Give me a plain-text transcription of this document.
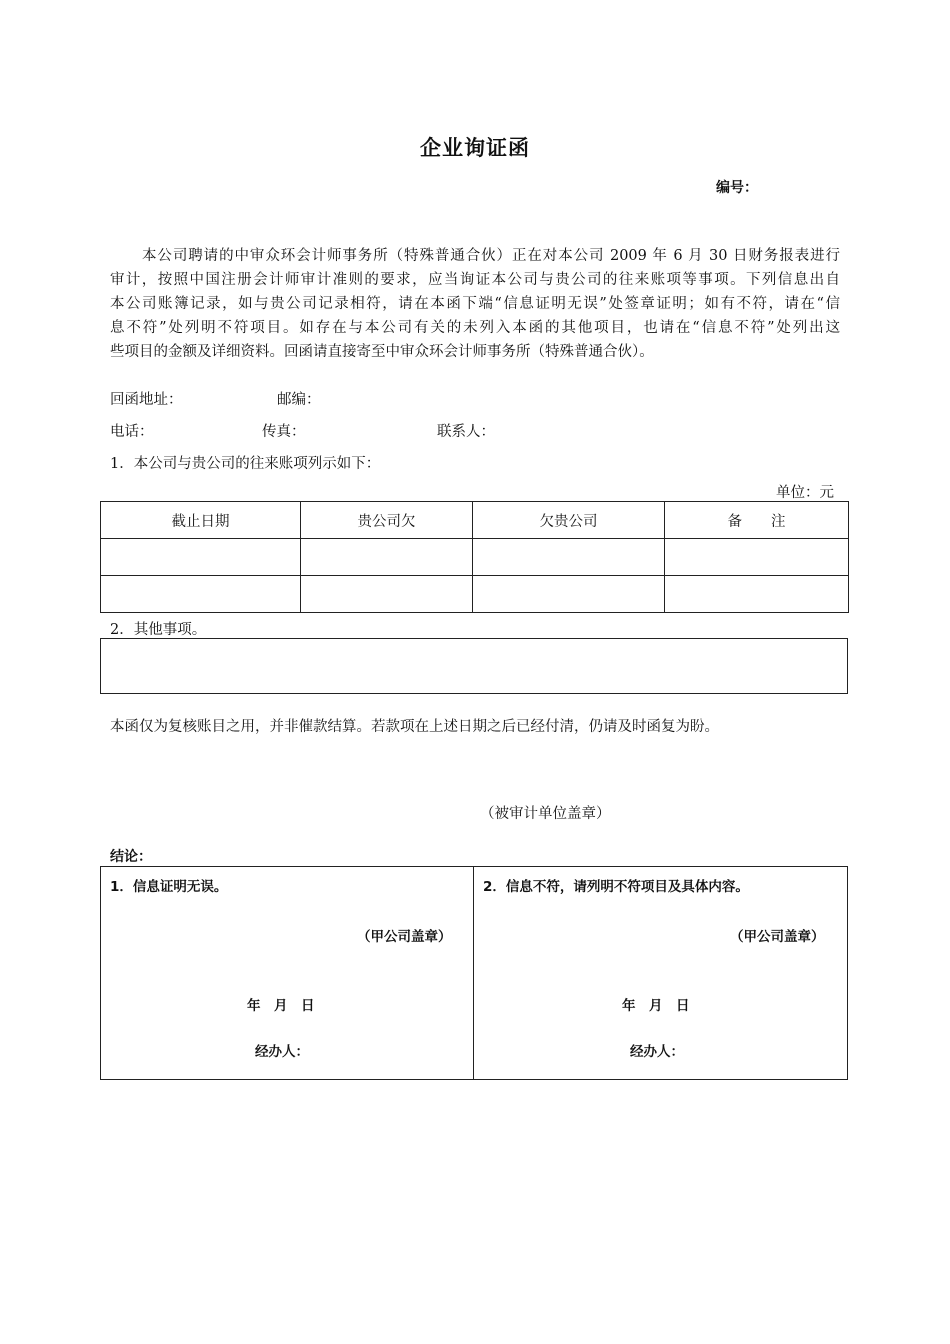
企业询证函
编号：
本公司聘请的中审众环会计师事务所（特殊普通合伙）正在对本公司 2009 年 6 月 30 日财务报表进行
审计，按照中国注册会计师审计准则的要求，应当询证本公司与贵公司的往来账项等事项。下列信息出自
本公司账簿记录，如与贵公司记录相符，请在本函下端“信息证明无误”处签章证明；如有不符，请在“信
息不符”处列明不符项目。如存在与本公司有关的未列入本函的其他项目，也请在“信息不符”处列出这
些项目的金额及详细资料。回函请直接寄至中审众环会计师事务所（特殊普通合伙）。
回函地址：	邮编：
电话：	传真：	联系人：
1．本公司与贵公司的往来账项列示如下：
单位：元
截止日期	贵公司欠	欠贵公司	备　　注

2．其他事项。
本函仅为复核账目之用，并非催款结算。若款项在上述日期之后已经付清，仍请及时函复为盼。
（被审计单位盖章）
结论：
1．信息证明无误。
（甲公司盖章）
年　月　日
经办人：
2．信息不符，请列明不符项目及具体内容。
（甲公司盖章）
年　月　日
经办人：
